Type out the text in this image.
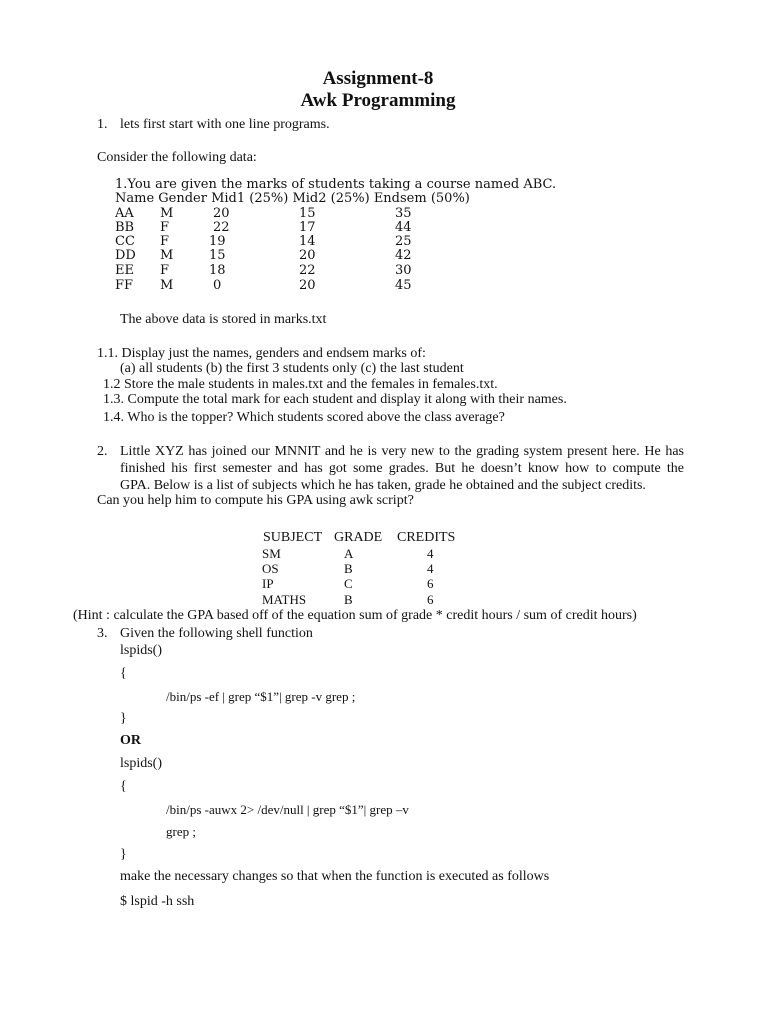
Assignment-8
Awk Programming
1. lets first start with one line programs.
Consider the following data:
1.You are given the marks of students taking a course named ABC.
Name Gender Mid1 (25%) Mid2 (25%) Endsem (50%)
AA M	20	15	35
BB F	22	17	44
CC F	19	14	25
DD M	15	20	42
EE F	18	22	30
FF M	0	20	45
The above data is stored in marks.txt
1.1. Display just the names, genders and endsem marks of:
(a) all students (b) the first 3 students only (c) the last student
1.2 Store the male students in males.txt and the females in females.txt.
1.3. Compute the total mark for each student and display it along with their names.
1.4. Who is the topper? Which students scored above the class average?
2. Little XYZ has joined our MNNIT and he is very new to the grading system present here. He has
finished his first semester and has got some grades. But he doesn’t know how to compute the
GPA. Below is a list of subjects which he has taken, grade he obtained and the subject credits.
Can you help him to compute his GPA using awk script?
SUBJECT GRADE CREDITS
SM	A	4
OS	B	4
IP	C	6
MATHS	B	6
(Hint : calculate the GPA based off of the equation sum of grade * credit hours / sum of credit hours)
3. Given the following shell function
lspids()
{
/bin/ps -ef | grep “$1”| grep -v grep ;
}
OR
lspids()
{
/bin/ps -auwx 2> /dev/null | grep “$1”| grep –v
grep ;
}
make the necessary changes so that when the function is executed as follows
$ lspid -h ssh
